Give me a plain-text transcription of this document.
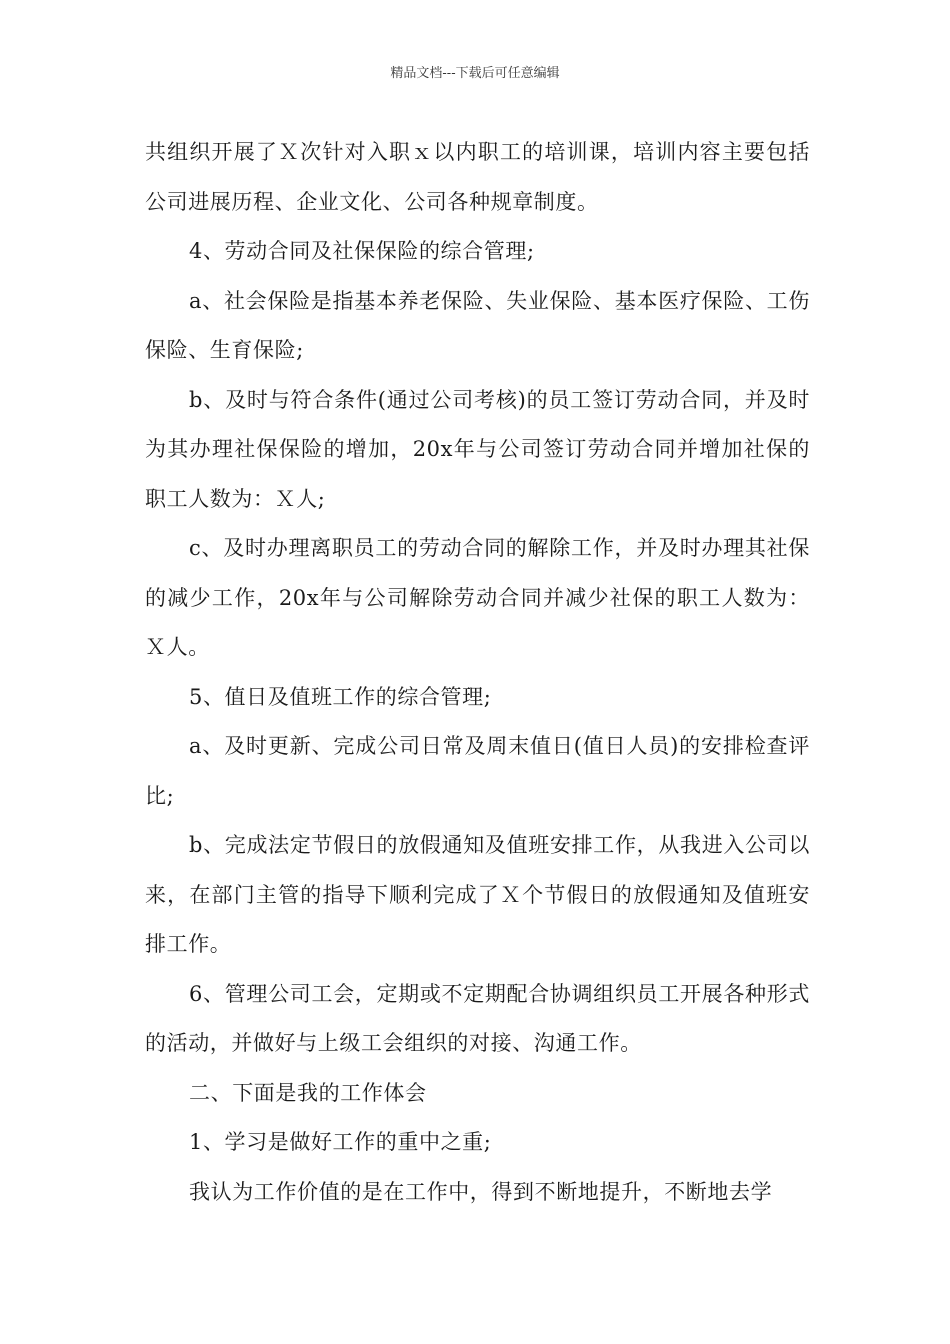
精品文档---下载后可任意编辑

共组织开展了Ｘ次针对入职ｘ以内职工的培训课，培训内容主要包括公司进展历程、企业文化、公司各种规章制度。

4、劳动合同及社保保险的综合管理;

a、社会保险是指基本养老保险、失业保险、基本医疗保险、工伤保险、生育保险;

b、及时与符合条件(通过公司考核)的员工签订劳动合同，并及时为其办理社保保险的增加，20x年与公司签订劳动合同并增加社保的职工人数为：Ｘ人;

c、及时办理离职员工的劳动合同的解除工作，并及时办理其社保的减少工作，20x年与公司解除劳动合同并减少社保的职工人数为：Ｘ人。

5、值日及值班工作的综合管理;

a、及时更新、完成公司日常及周末值日(值日人员)的安排检查评比;

b、完成法定节假日的放假通知及值班安排工作，从我进入公司以来，在部门主管的指导下顺利完成了Ｘ个节假日的放假通知及值班安排工作。

6、管理公司工会，定期或不定期配合协调组织员工开展各种形式的活动，并做好与上级工会组织的对接、沟通工作。

二、下面是我的工作体会

1、学习是做好工作的重中之重;

我认为工作价值的是在工作中，得到不断地提升，不断地去学
